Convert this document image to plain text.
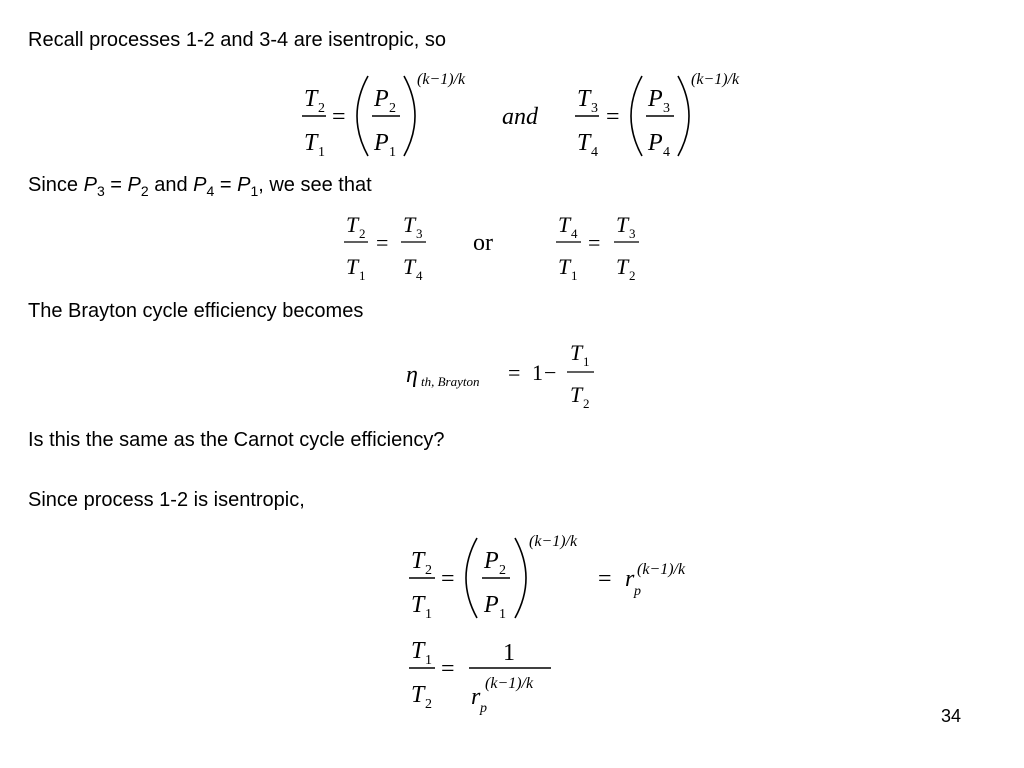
Recall processes 1-2 and 3-4 are isentropic, so
T 2
T 1
=
P 2
P 1
(k−1)/k
and
T 3
T 4
=
P 3
P 4
(k−1)/k
Since $P_3 = P_2$ and $P_4 = P_1$, we see that
T 2
T 1
=
T 3
T 4
or
T 4
T 1
=
T 3
T 2
The Brayton cycle efficiency becomes
η th, Brayton = 1 −
T 1
T 2
Is this the same as the Carnot cycle efficiency?
Since process 1-2 is isentropic,
T 2
T 1
=
P 2
P 1
(k−1)/k
= r p
(k−1)/k
T 1
T 2
=
1
r p
(k−1)/k
34
